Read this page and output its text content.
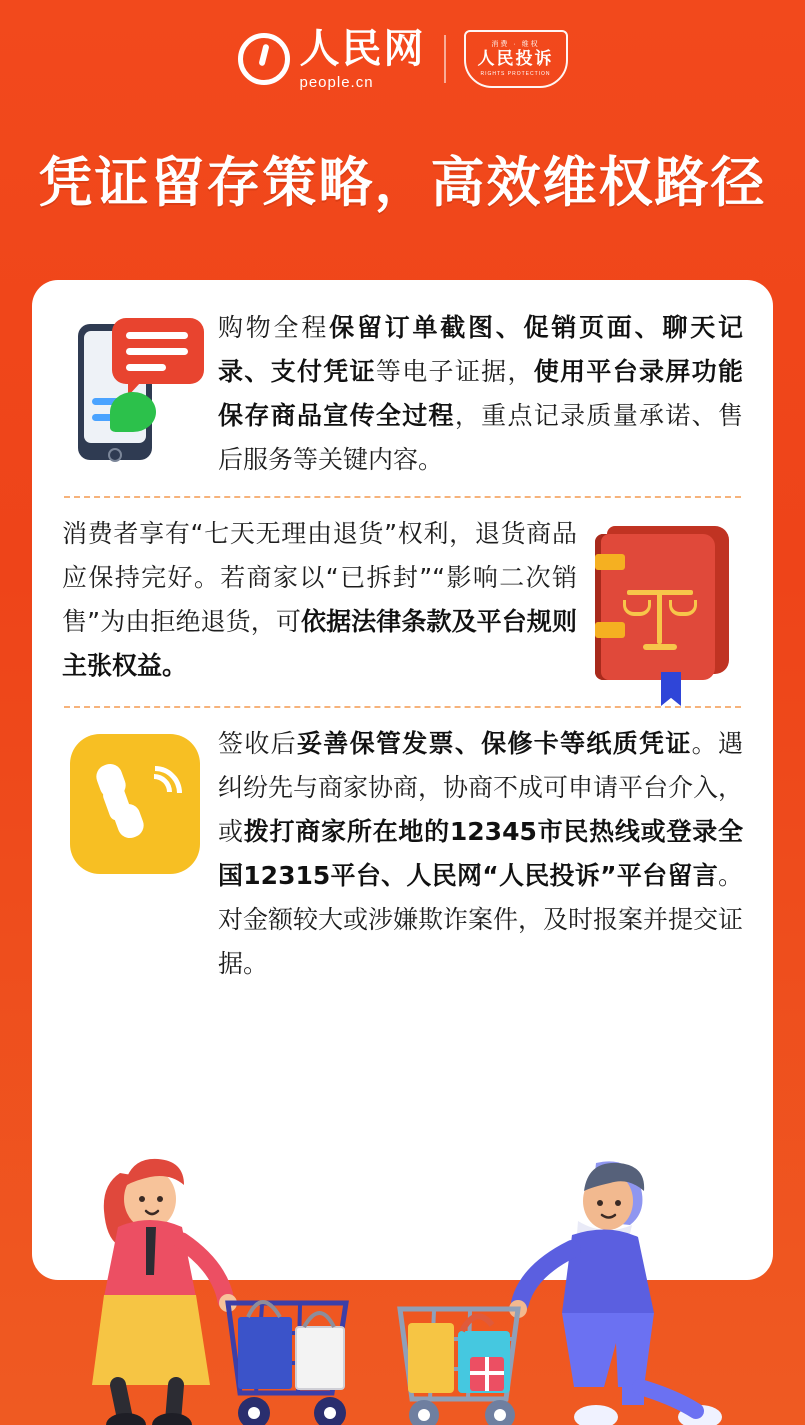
人民网
people.cn
消费 · 维权
人民投诉
RIGHTS PROTECTION
凭证留存策略，高效维权路径
购物全程保留订单截图、促销页面、聊天记录、支付凭证等电子证据，使用平台录屏功能保存商品宣传全过程，重点记录质量承诺、售后服务等关键内容。
消费者享有“七天无理由退货”权利，退货商品应保持完好。若商家以“已拆封”“影响二次销售”为由拒绝退货，可依据法律条款及平台规则主张权益。
签收后妥善保管发票、保修卡等纸质凭证。遇纠纷先与商家协商，协商不成可申请平台介入，或拨打商家所在地的12345市民热线或登录全国12315平台、人民网“人民投诉”平台留言。对金额较大或涉嫌欺诈案件，及时报案并提交证据。
